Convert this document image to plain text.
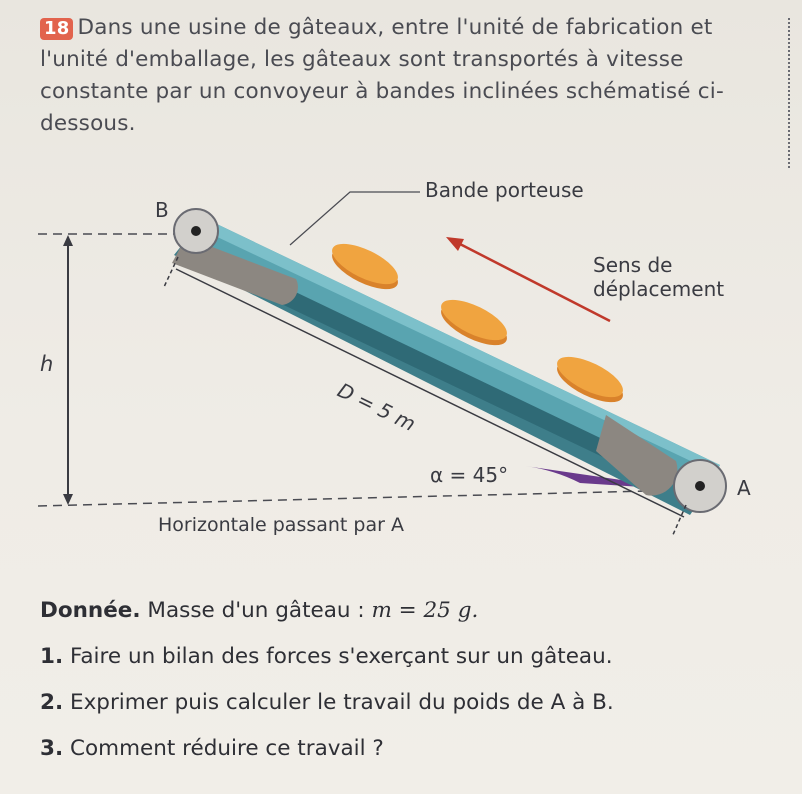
18 Dans une usine de gâteaux, entre l'unité de fabrication et l'unité d'emballage, les gâteaux sont transportés à vitesse constante par un convoyeur à bandes inclinées schématisé ci-dessous.
Bande porteuse
Sens de
déplacement
B
A
h
D = 5 m
α = 45°
Horizontale passant par A
Donnée. Masse d'un gâteau : m = 25 g.
1. Faire un bilan des forces s'exerçant sur un gâteau.
2. Exprimer puis calculer le travail du poids de A à B.
3. Comment réduire ce travail ?
